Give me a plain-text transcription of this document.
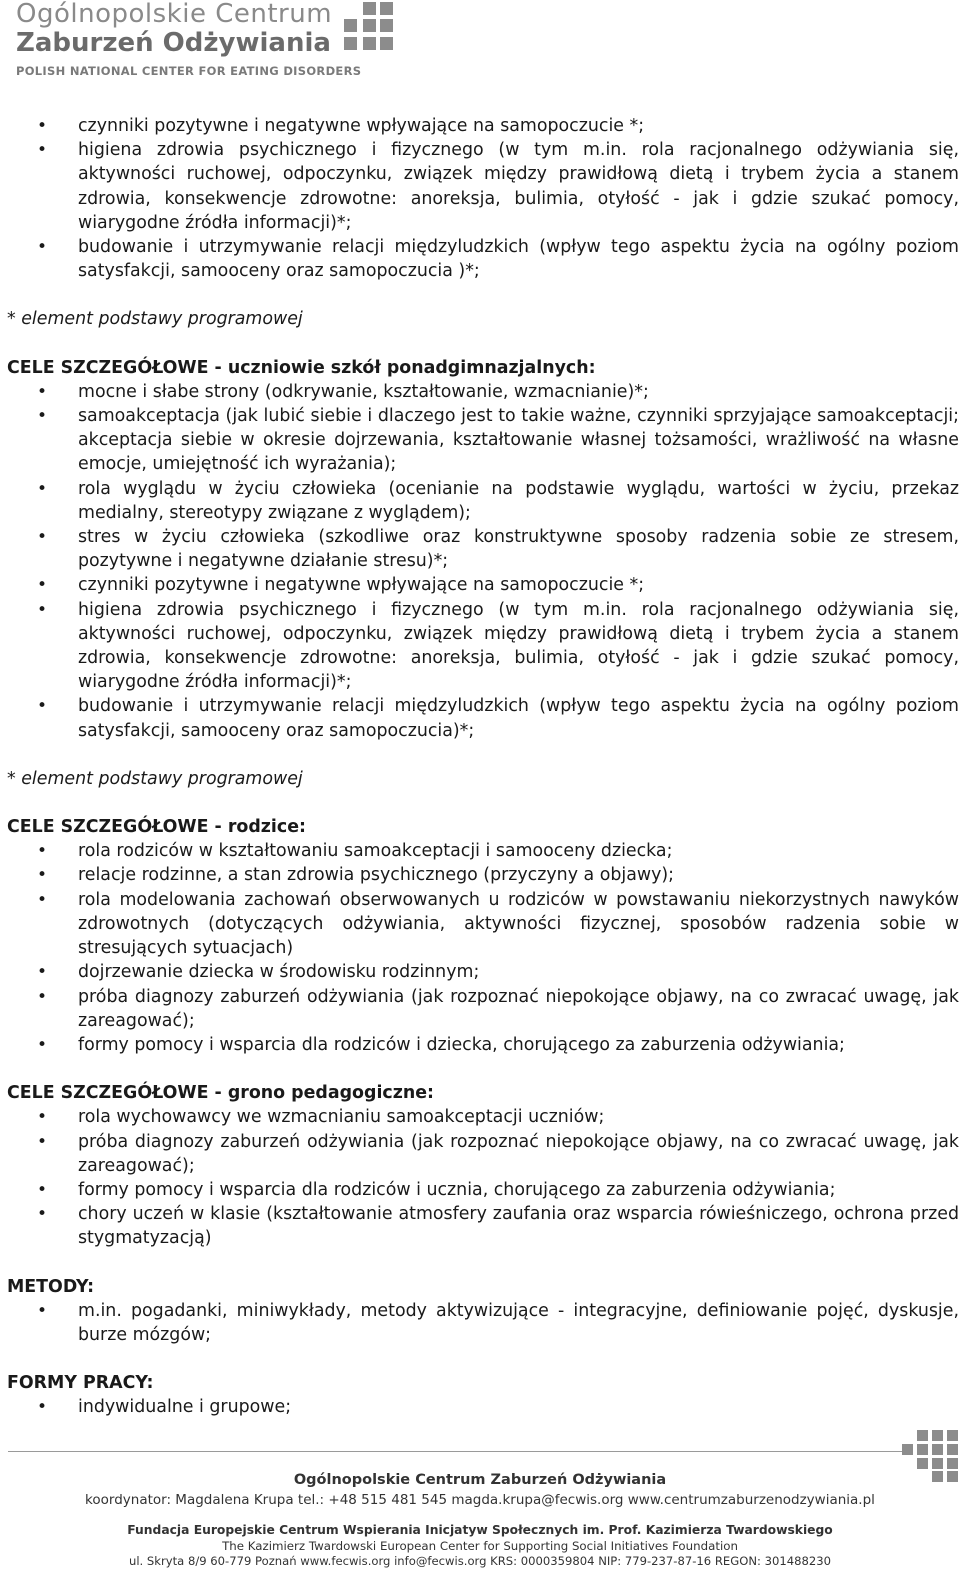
Ogólnopolskie Centrum
Zaburzeń Odżywiania
POLISH NATIONAL CENTER FOR EATING DISORDERS
• czynniki pozytywne i negatywne wpływające na samopoczucie *;
• higiena zdrowia psychicznego i fizycznego (w tym m.in. rola racjonalnego odżywiania się, aktywności ruchowej, odpoczynku, związek między prawidłową dietą i trybem życia a stanem zdrowia, konsekwencje zdrowotne: anoreksja, bulimia, otyłość - jak i gdzie szukać pomocy, wiarygodne źródła informacji)*;
• budowanie i utrzymywanie relacji międzyludzkich (wpływ tego aspektu życia na ogólny poziom satysfakcji, samooceny oraz samopoczucia )*;

* element podstawy programowej

CELE SZCZEGÓŁOWE - uczniowie szkół ponadgimnazjalnych:

• mocne i słabe strony (odkrywanie, kształtowanie, wzmacnianie)*;
• samoakceptacja (jak lubić siebie i dlaczego jest to takie ważne, czynniki sprzyjające samoakceptacji; akceptacja siebie w okresie dojrzewania, kształtowanie własnej tożsamości, wrażliwość na własne emocje, umiejętność ich wyrażania);
• rola wyglądu w życiu człowieka (ocenianie na podstawie wyglądu, wartości w życiu, przekaz medialny, stereotypy związane z wyglądem);
• stres w życiu człowieka (szkodliwe oraz konstruktywne sposoby radzenia sobie ze stresem, pozytywne i negatywne działanie stresu)*;
• czynniki pozytywne i negatywne wpływające na samopoczucie *;
• higiena zdrowia psychicznego i fizycznego (w tym m.in. rola racjonalnego odżywiania się, aktywności ruchowej, odpoczynku, związek między prawidłową dietą i trybem życia a stanem zdrowia, konsekwencje zdrowotne: anoreksja, bulimia, otyłość - jak i gdzie szukać pomocy, wiarygodne źródła informacji)*;
• budowanie i utrzymywanie relacji międzyludzkich (wpływ tego aspektu życia na ogólny poziom satysfakcji, samooceny oraz samopoczucia)*;

* element podstawy programowej

CELE SZCZEGÓŁOWE - rodzice:

• rola rodziców w kształtowaniu samoakceptacji i samooceny dziecka;
• relacje rodzinne, a stan zdrowia psychicznego (przyczyny a objawy);
• rola modelowania zachowań obserwowanych u rodziców w powstawaniu niekorzystnych nawyków zdrowotnych (dotyczących odżywiania, aktywności fizycznej, sposobów radzenia sobie w stresujących sytuacjach)
• dojrzewanie dziecka w środowisku rodzinnym;
• próba diagnozy zaburzeń odżywiania (jak rozpoznać niepokojące objawy, na co zwracać uwagę, jak zareagować);
• formy pomocy i wsparcia dla rodziców i dziecka, chorującego za zaburzenia odżywiania;

CELE SZCZEGÓŁOWE - grono pedagogiczne:

• rola wychowawcy we wzmacnianiu samoakceptacji uczniów;
• próba diagnozy zaburzeń odżywiania (jak rozpoznać niepokojące objawy, na co zwracać uwagę, jak zareagować);
• formy pomocy i wsparcia dla rodziców i ucznia, chorującego za zaburzenia odżywiania;
• chory uczeń w klasie (kształtowanie atmosfery zaufania oraz wsparcia rówieśniczego, ochrona przed stygmatyzacją)

METODY:

• m.in. pogadanki, miniwykłady, metody aktywizujące - integracyjne, definiowanie pojęć, dyskusje, burze mózgów;

FORMY PRACY:

• indywidualne i grupowe;
Ogólnopolskie Centrum Zaburzeń Odżywiania
koordynator: Magdalena Krupa tel.: +48 515 481 545 magda.krupa@fecwis.org www.centrumzaburzenodzywiania.pl
Fundacja Europejskie Centrum Wspierania Inicjatyw Społecznych im. Prof. Kazimierza Twardowskiego
The Kazimierz Twardowski European Center for Supporting Social Initiatives Foundation
ul. Skryta 8/9 60-779 Poznań www.fecwis.org info@fecwis.org KRS: 0000359804 NIP: 779-237-87-16 REGON: 301488230
